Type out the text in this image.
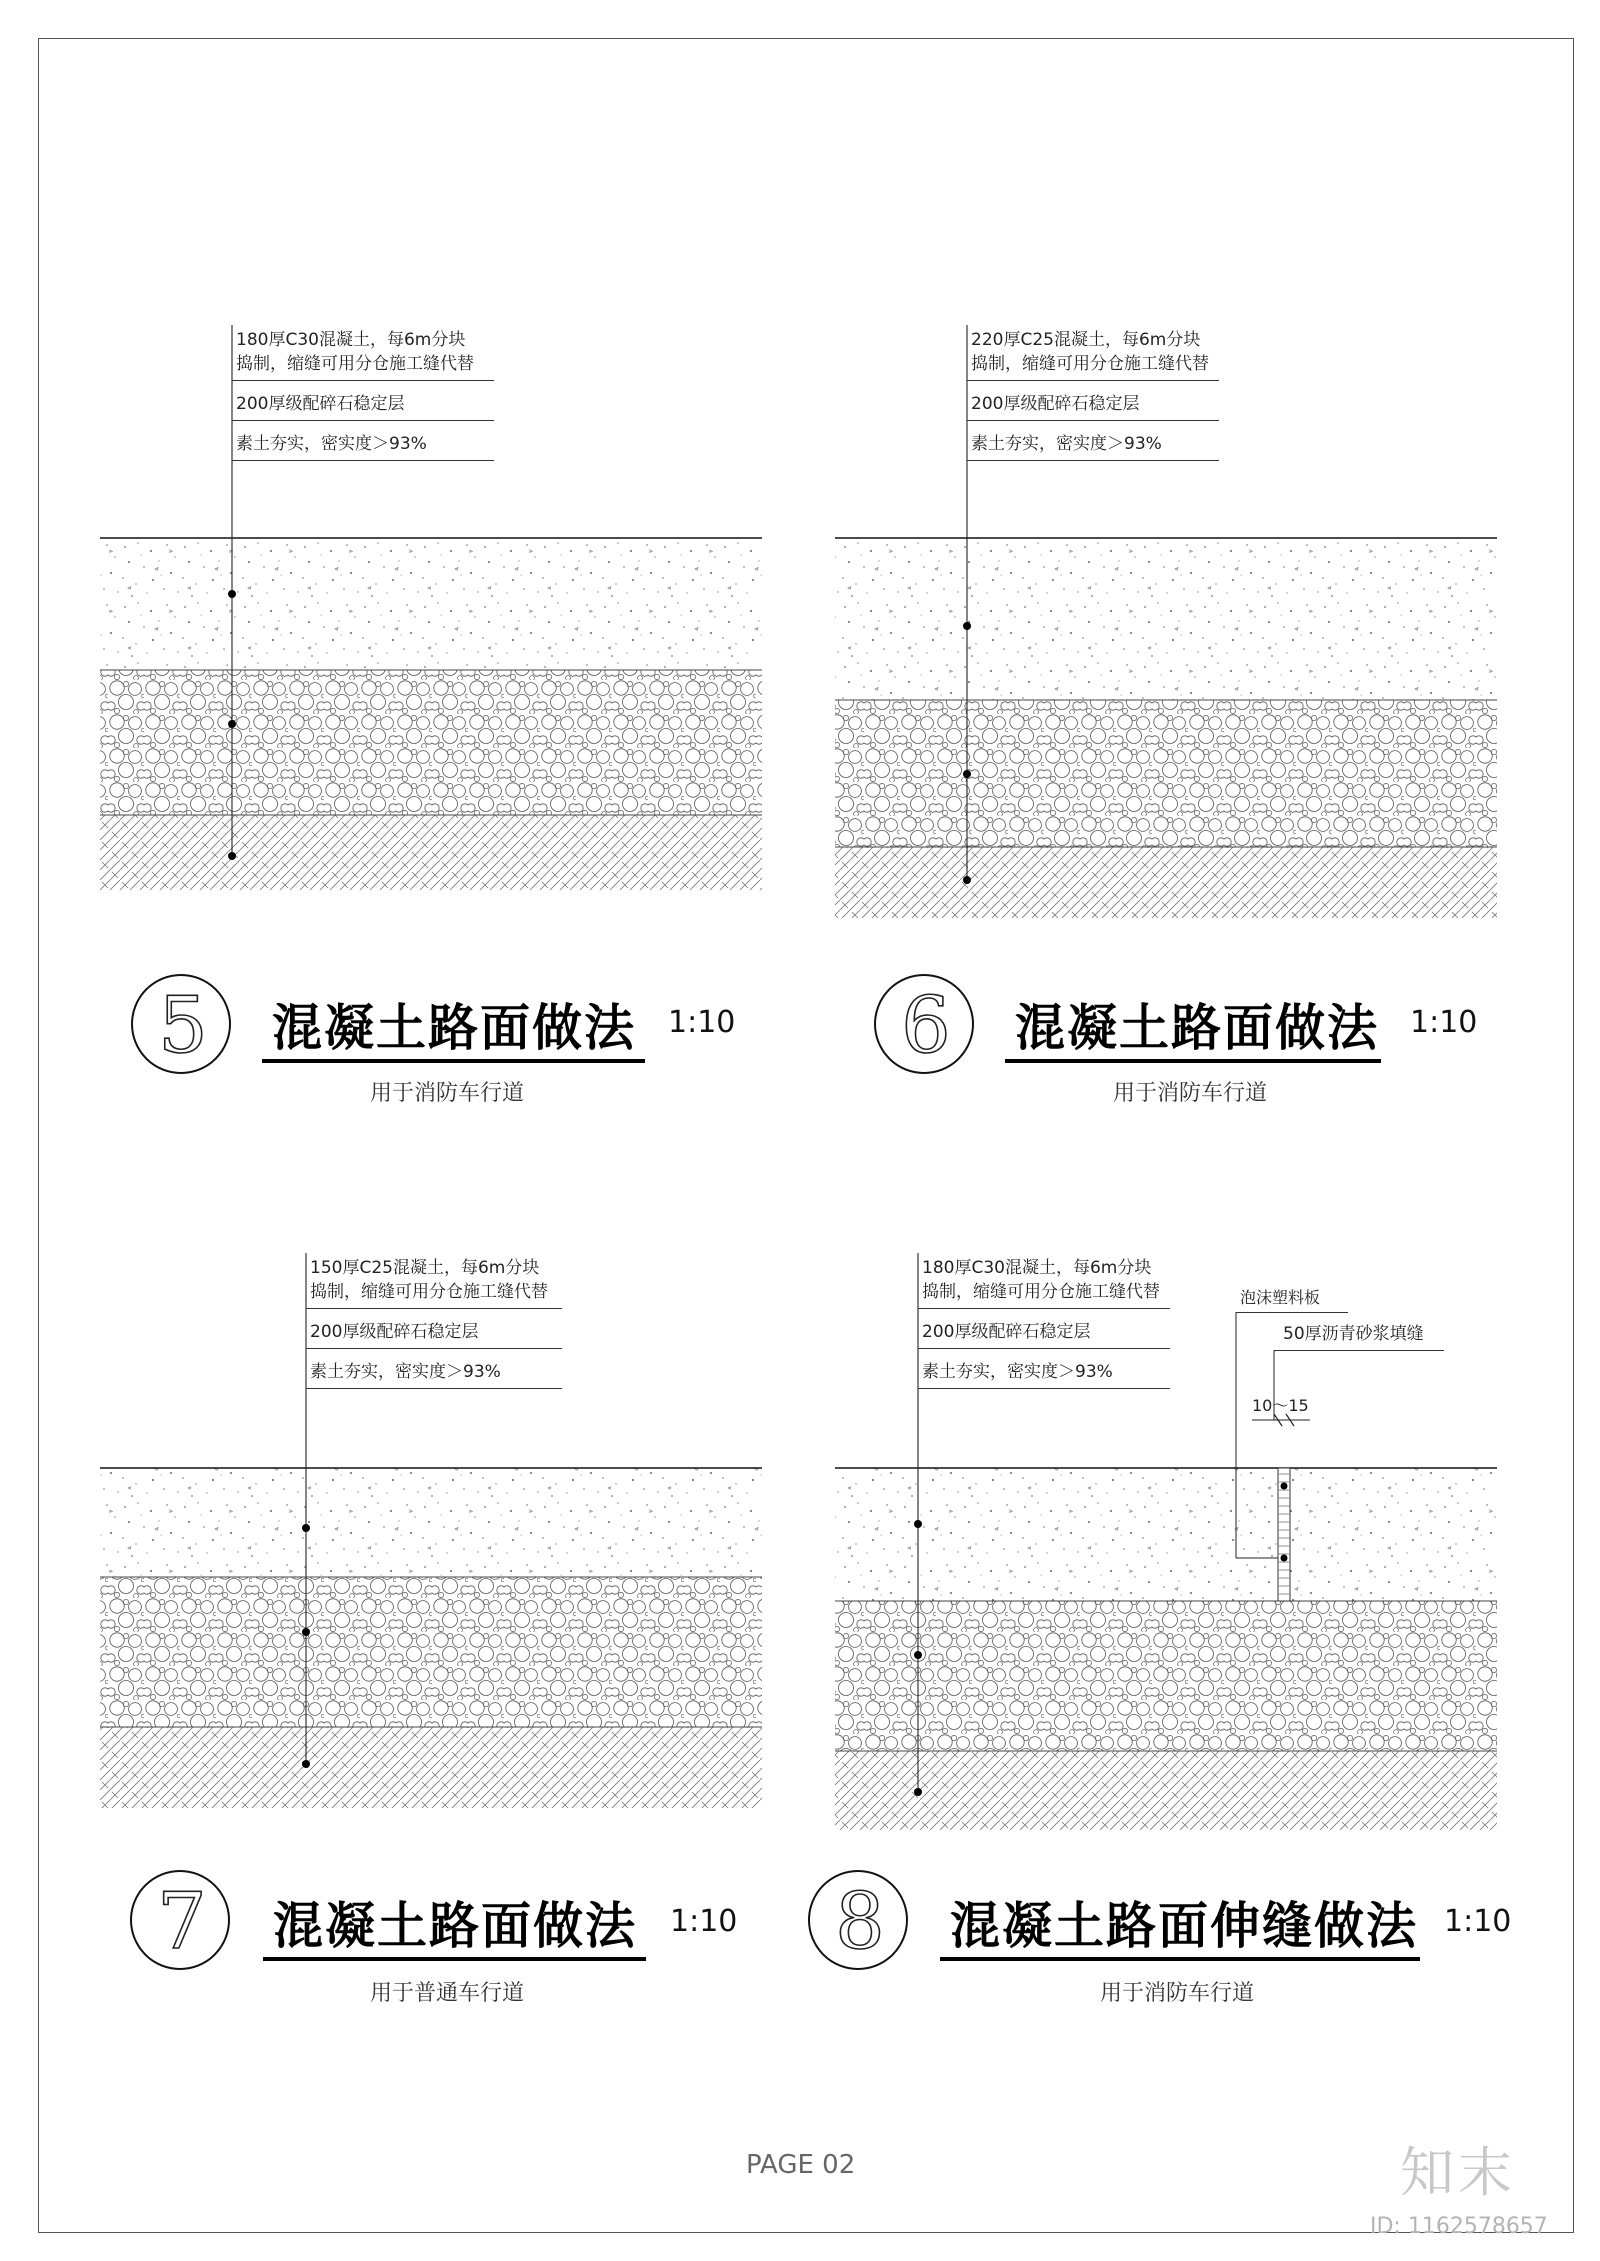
180厚C30混凝土，每6m分块
捣制，缩缝可用分仓施工缝代替
200厚级配碎石稳定层
素土夯实，密实度＞93%
5	混凝土路面做法 1:10
用于消防车行道
220厚C25混凝土，每6m分块
捣制，缩缝可用分仓施工缝代替
200厚级配碎石稳定层
素土夯实，密实度＞93%
6	混凝土路面做法 1:10
用于消防车行道
150厚C25混凝土，每6m分块
捣制，缩缝可用分仓施工缝代替
200厚级配碎石稳定层
素土夯实，密实度＞93%
7	混凝土路面做法 1:10
用于普通车行道
180厚C30混凝土，每6m分块
捣制，缩缝可用分仓施工缝代替
200厚级配碎石稳定层
素土夯实，密实度＞93%
泡沫塑料板
50厚沥青砂浆填缝
10～15
8	混凝土路面伸缝做法 1:10
用于消防车行道
PAGE 02	知末
ID: 1162578657
